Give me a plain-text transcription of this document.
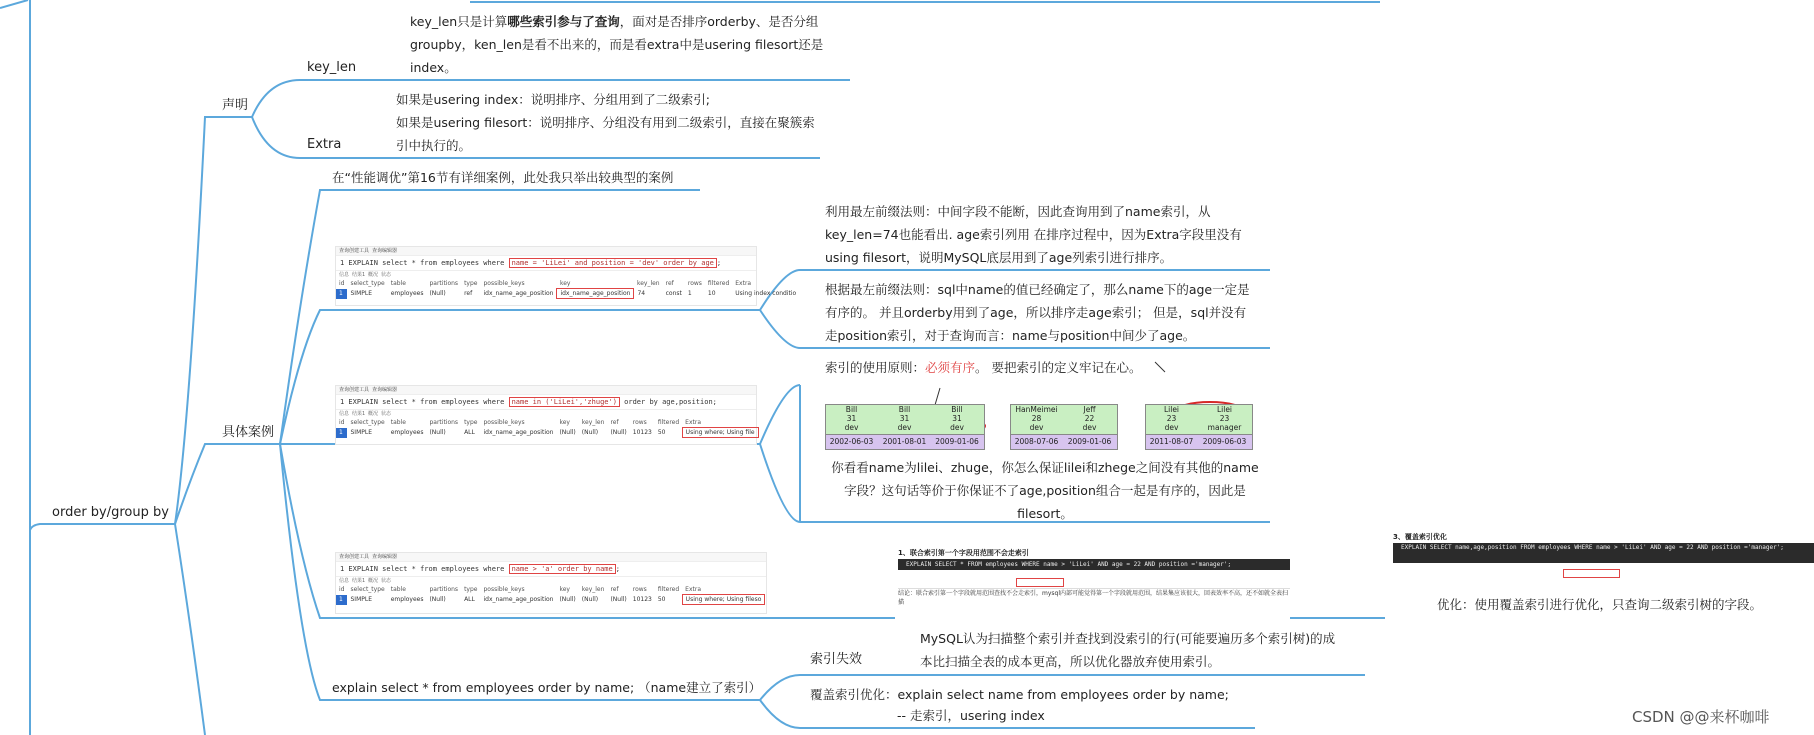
order by/group by
声明
key_len
Extra
具体案例
key_len只是计算哪些索引参与了查询，面对是否排序orderby、是否分组
groupby，ken_len是看不出来的，而是看extra中是usering filesort还是
index。
如果是usering index：说明排序、分组用到了二级索引;
如果是usering filesort：说明排序、分组没有用到二级索引，直接在聚簇索
引中执行的。
在“性能调优”第16节有详细案例，此处我只举出较典型的案例
查询创建工具 查询编辑器
1 EXPLAIN select * from employees where name = 'LiLei' and position = 'dev' order by age ;
信息 结果1 概况 状态
id	select_type	table	partitions	type	possible_keys	key	key_len	ref	rows	filtered	Extra
1	SIMPLE	employees	(Null)	ref	idx_name_age_position	idx_name_age_position	74	const	1	10	Using index conditio
查询创建工具 查询编辑器
1 EXPLAIN select * from employees where name in ('LiLei','zhuge') order by age,position;
信息 结果1 概况 状态
id	select_type	table	partitions	type	possible_keys	key	key_len	ref	rows	filtered	Extra
1	SIMPLE	employees	(Null)	ALL	idx_name_age_position	(Null)	(Null)	(Null)	10123	50	Using where; Using file
查询创建工具 查询编辑器
1 EXPLAIN select * from employees where name > 'a' order by name ;
信息 结果1 概况 状态
id	select_type	table	partitions	type	possible_keys	key	key_len	ref	rows	filtered	Extra
1	SIMPLE	employees	(Null)	ALL	idx_name_age_position	(Null)	(Null)	(Null)	10123	50	Using where; Using fileso
利用最左前缀法则：中间字段不能断，因此查询用到了name索引，从
key_len=74也能看出. age索引列用 在排序过程中，因为Extra字段里没有
using filesort，说明MySQL底层用到了age列索引进行排序。
根据最左前缀法则：sql中name的值已经确定了，那么name下的age一定是
有序的。 并且orderby用到了age，所以排序走age索引； 但是，sql并没有
走position索引，对于查询而言：name与position中间少了age。
索引的使用原则：必须有序。 要把索引的定义牢记在心。
Bill
31
dev
2002-06-03
Bill
31
dev
2001-08-01
Bill
31
dev
2009-01-06
HanMeimei
28
dev
2008-07-06
Jeff
22
dev
2009-01-06
Lilei
23
dev
2011-08-07
Lilei
23
manager
2009-06-03
你看看name为lilei、zhuge，你怎么保证lilei和zhege之间没有其他的name
字段？这句话等价于你保证不了age,position组合一起是有序的，因此是
filesort。
1、联合索引第一个字段用范围不会走索引
EXPLAIN SELECT * FROM employees WHERE name > 'LiLei' AND age = 22 AND position ='manager';
结论：联合索引第一个字段就用范围查找不会走索引，mysql内部可能觉得第一个字段就用范围，结果集应该很大，回表效率不高，还不如就全表扫描
3、覆盖索引优化
EXPLAIN SELECT name,age,position FROM employees WHERE name > 'LiLei' AND age = 22 AND position ='manager';
优化：使用覆盖索引进行优化，只查询二级索引树的字段。
explain select * from employees order by name; （name建立了索引）
索引失效
MySQL认为扫描整个索引并查找到没索引的行(可能要遍历多个索引树)的成
本比扫描全表的成本更高，所以优化器放弃使用索引。
覆盖索引优化：explain select name from employees order by name;
-- 走索引，usering index	CSDN @@来杯咖啡
